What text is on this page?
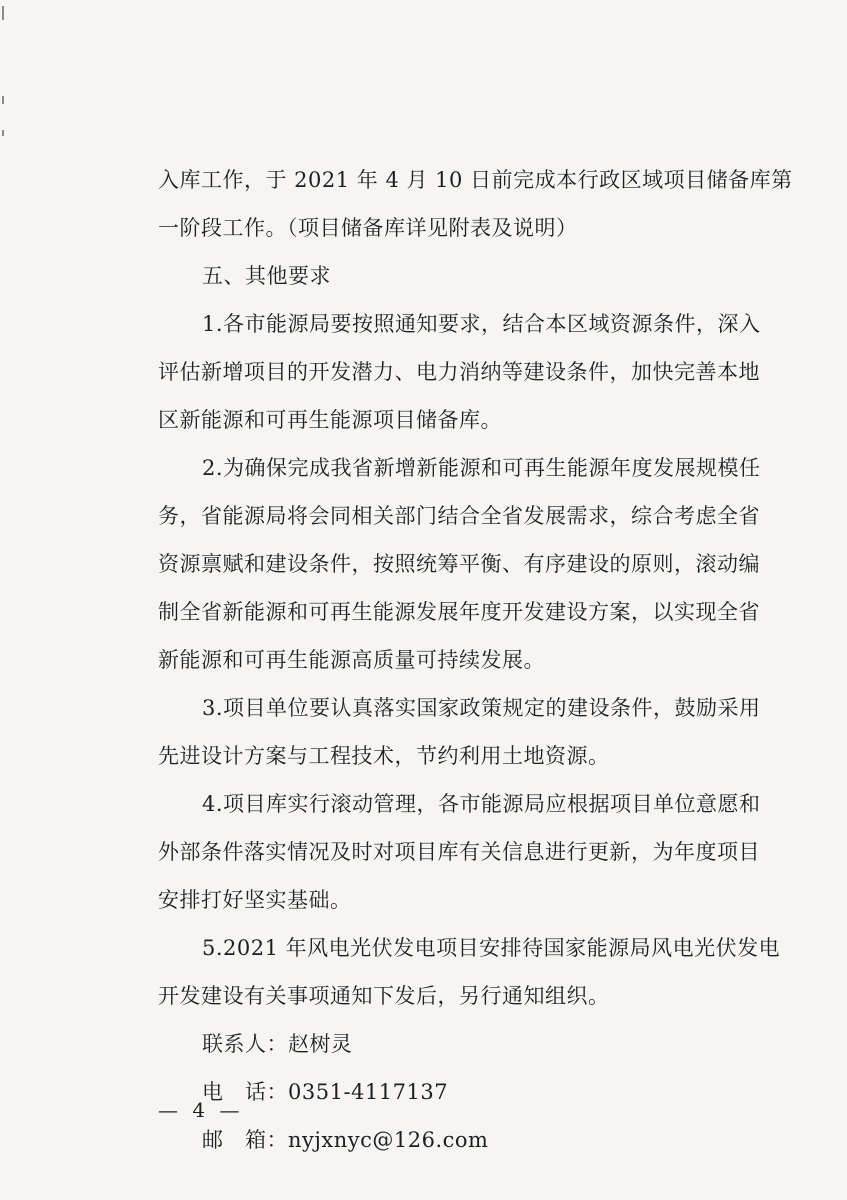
入库工作，于 2021 年 4 月 10 日前完成本行政区域项目储备库第
一阶段工作。（项目储备库详见附表及说明）
五、其他要求
1.各市能源局要按照通知要求，结合本区域资源条件，深入
评估新增项目的开发潜力、电力消纳等建设条件，加快完善本地
区新能源和可再生能源项目储备库。
2.为确保完成我省新增新能源和可再生能源年度发展规模任
务，省能源局将会同相关部门结合全省发展需求，综合考虑全省
资源禀赋和建设条件，按照统筹平衡、有序建设的原则，滚动编
制全省新能源和可再生能源发展年度开发建设方案，以实现全省
新能源和可再生能源高质量可持续发展。
3.项目单位要认真落实国家政策规定的建设条件，鼓励采用
先进设计方案与工程技术，节约利用土地资源。
4.项目库实行滚动管理，各市能源局应根据项目单位意愿和
外部条件落实情况及时对项目库有关信息进行更新，为年度项目
安排打好坚实基础。
5.2021 年风电光伏发电项目安排待国家能源局风电光伏发电
开发建设有关事项通知下发后，另行通知组织。
联系人：赵树灵
电　话：0351-4117137
邮　箱：nyjxnyc@126.com
— 4 —
